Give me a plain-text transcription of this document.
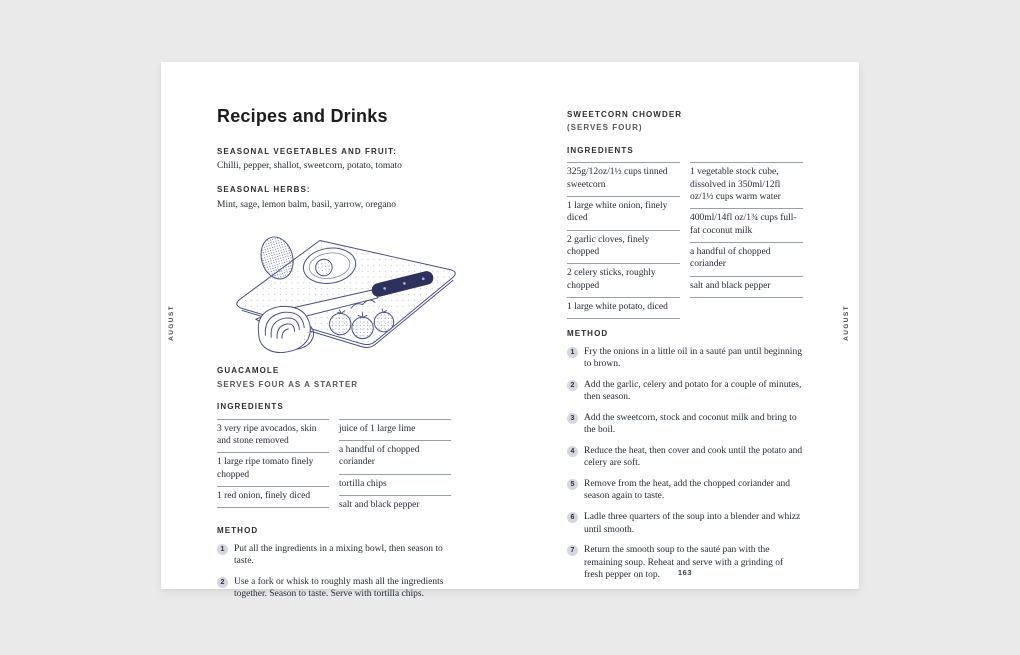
AUGUST	AUGUST
Recipes and Drinks
SEASONAL VEGETABLES AND FRUIT:
Chilli, pepper, shallot, sweetcorn, potato, tomato
SEASONAL HERBS:
Mint, sage, lemon balm, basil, yarrow, oregano
GUACAMOLE
SERVES FOUR AS A STARTER
INGREDIENTS
3 very ripe avocados, skin and stone removed
1 large ripe tomato finely chopped
1 red onion, finely diced
juice of 1 large lime
a handful of chopped coriander
tortilla chips
salt and black pepper
METHOD
1	Put all the ingredients in a mixing bowl, then season to taste.
2	Use a fork or whisk to roughly mash all the ingredients together. Season to taste. Serve with tortilla chips.
SWEETCORN CHOWDER
(SERVES FOUR)
INGREDIENTS
325g/12oz/1½ cups tinned sweetcorn
1 large white onion, finely diced
2 garlic cloves, finely chopped
2 celery sticks, roughly chopped
1 large white potato, diced
1 vegetable stock cube, dissolved in 350ml/12fl oz/1½ cups warm water
400ml/14fl oz/1¾ cups full-fat coconut milk
a handful of chopped coriander
salt and black pepper
METHOD
1	Fry the onions in a little oil in a sauté pan until beginning to brown.
2	Add the garlic, celery and potato for a couple of minutes, then season.
3	Add the sweetcorn, stock and coconut milk and bring to the boil.
4	Reduce the heat, then cover and cook until the potato and celery are soft.
5	Remove from the heat, add the chopped coriander and season again to taste.
6	Ladle three quarters of the soup into a blender and whizz until smooth.
7	Return the smooth soup to the sauté pan with the remaining soup. Reheat and serve with a grinding of fresh pepper on top.	163
